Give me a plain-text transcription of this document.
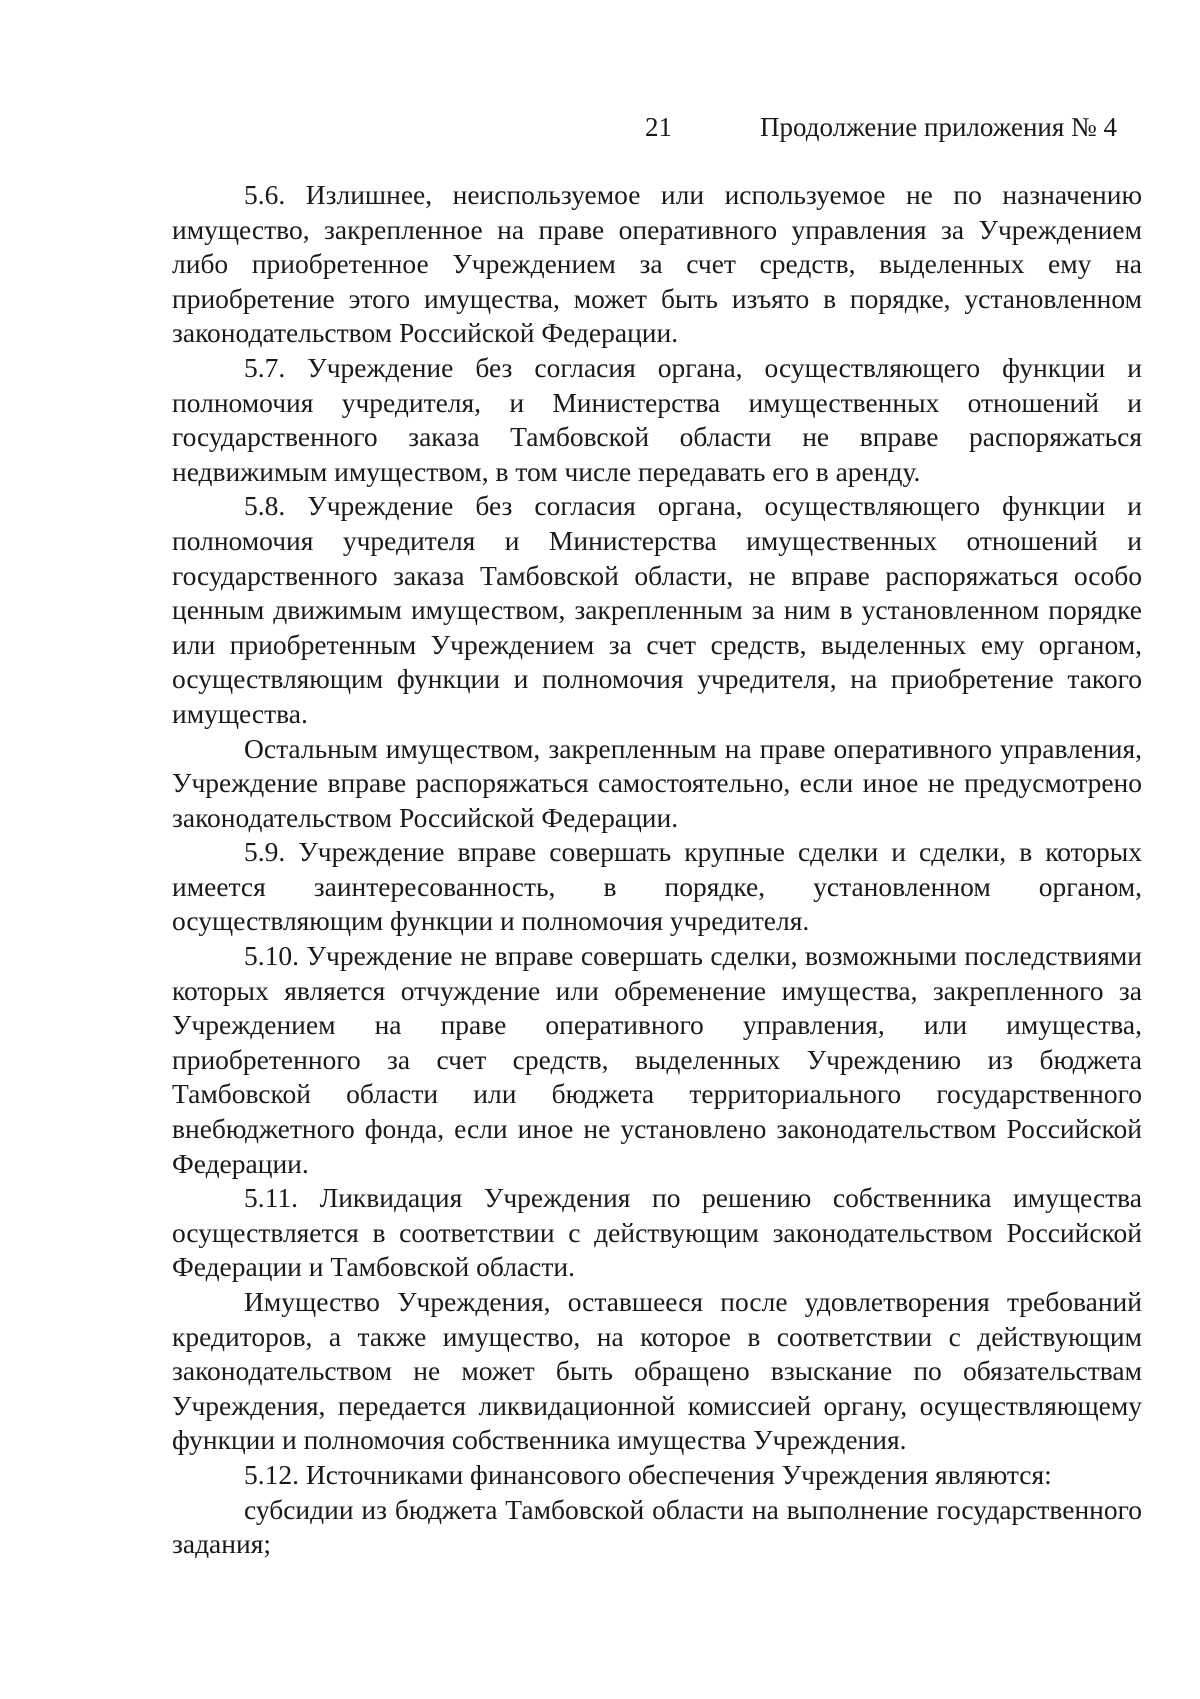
21	Продолжение приложения № 4

5.6. Излишнее, неиспользуемое или используемое не по назначению имущество, закрепленное на праве оперативного управления за Учреждением либо приобретенное Учреждением за счет средств, выделенных ему на приобретение этого имущества, может быть изъято в порядке, установленном законодательством Российской Федерации.

5.7. Учреждение без согласия органа, осуществляющего функции и полномочия учредителя, и Министерства имущественных отношений и государственного заказа Тамбовской области не вправе распоряжаться недвижимым имуществом, в том числе передавать его в аренду.

5.8. Учреждение без согласия органа, осуществляющего функции и полномочия учредителя и Министерства имущественных отношений и государственного заказа Тамбовской области, не вправе распоряжаться особо ценным движимым имуществом, закрепленным за ним в установленном порядке или приобретенным Учреждением за счет средств, выделенных ему органом, осуществляющим функции и полномочия учредителя, на приобретение такого имущества.

Остальным имуществом, закрепленным на праве оперативного управления, Учреждение вправе распоряжаться самостоятельно, если иное не предусмотрено законодательством Российской Федерации.

5.9. Учреждение вправе совершать крупные сделки и сделки, в которых имеется заинтересованность, в порядке, установленном органом, осуществляющим функции и полномочия учредителя.

5.10. Учреждение не вправе совершать сделки, возможными последствиями которых является отчуждение или обременение имущества, закрепленного за Учреждением на праве оперативного управления, или имущества, приобретенного за счет средств, выделенных Учреждению из бюджета Тамбовской области или бюджета территориального государственного внебюджетного фонда, если иное не установлено законодательством Российской Федерации.

5.11. Ликвидация Учреждения по решению собственника имущества осуществляется в соответствии с действующим законодательством Российской Федерации и Тамбовской области.

Имущество Учреждения, оставшееся после удовлетворения требований кредиторов, а также имущество, на которое в соответствии с действующим законодательством не может быть обращено взыскание по обязательствам Учреждения, передается ликвидационной комиссией органу, осуществляющему функции и полномочия собственника имущества Учреждения.

5.12. Источниками финансового обеспечения Учреждения являются:

субсидии из бюджета Тамбовской области на выполнение государственного задания;
